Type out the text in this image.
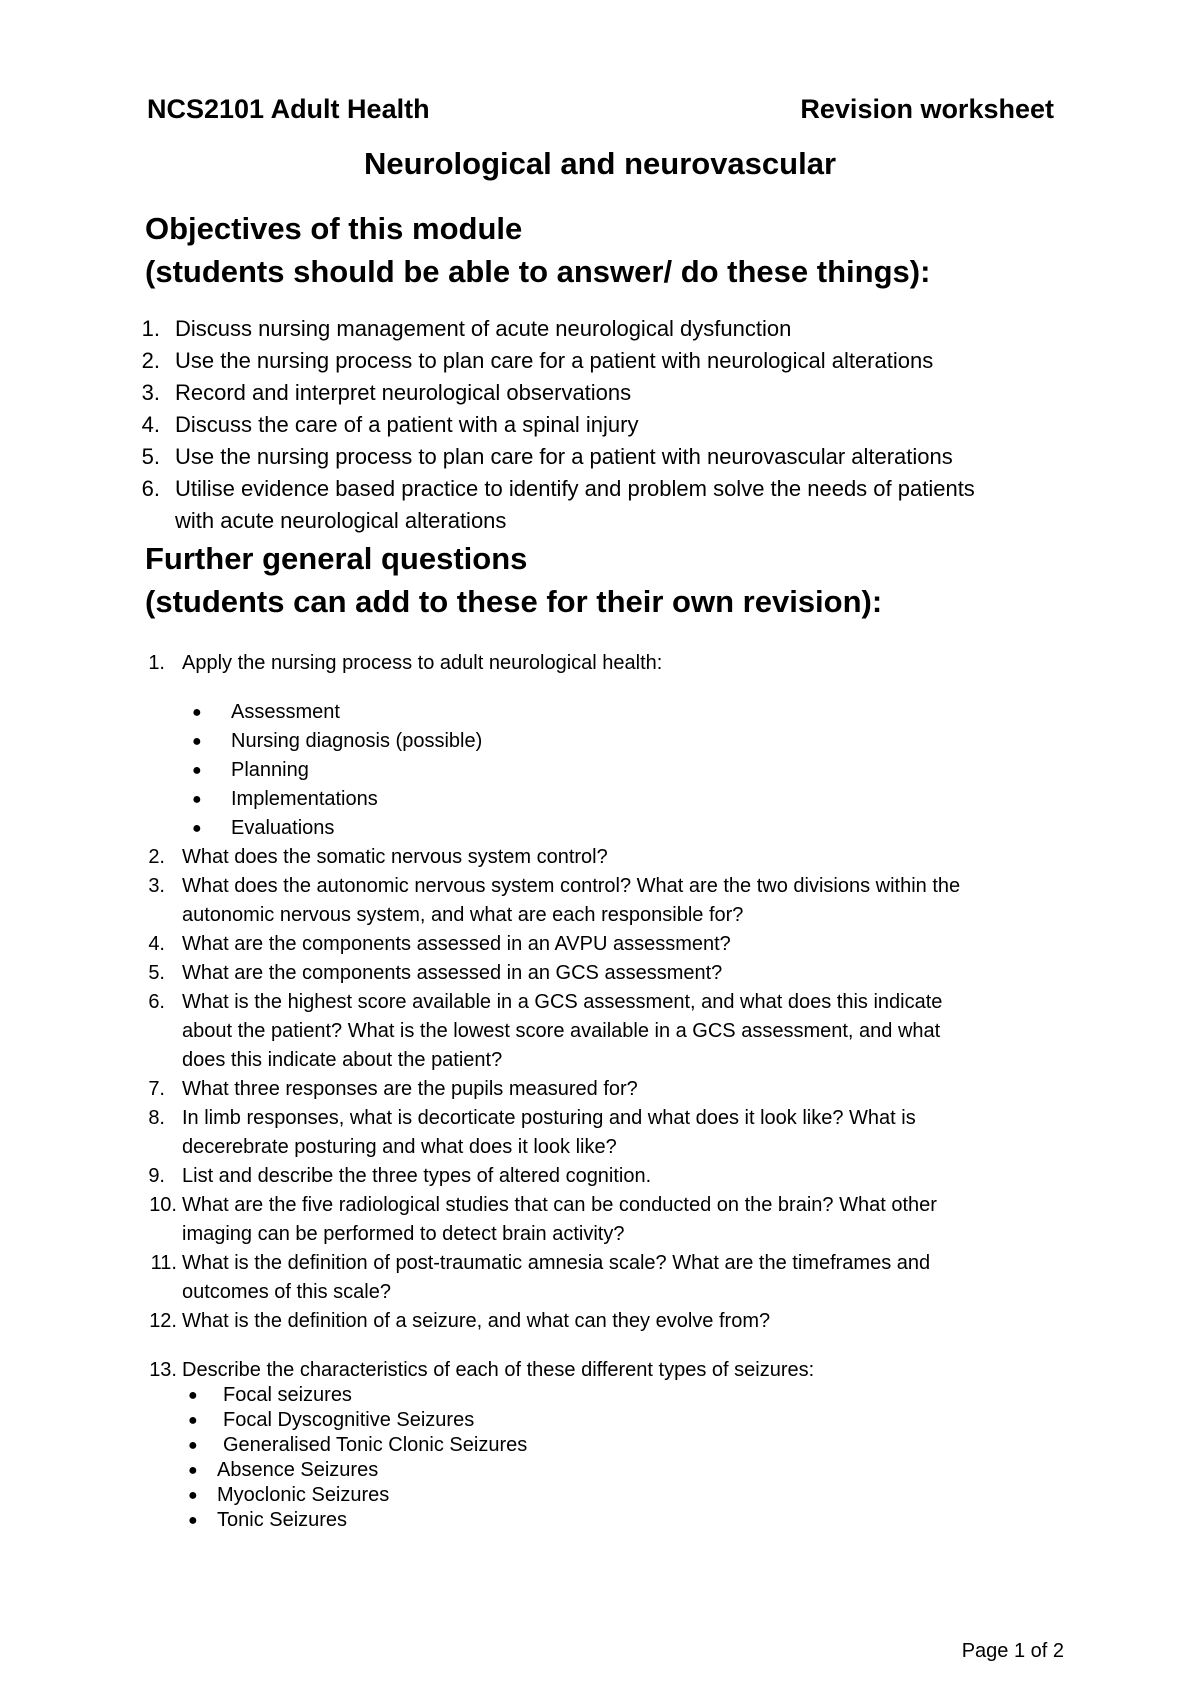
NCS2101 Adult Health	Revision worksheet
Neurological and neurovascular
Objectives of this module
(students should be able to answer/ do these things):
1. Discuss nursing management of acute neurological dysfunction
2. Use the nursing process to plan care for a patient with neurological alterations
3. Record and interpret neurological observations
4. Discuss the care of a patient with a spinal injury
5. Use the nursing process to plan care for a patient with neurovascular alterations
6. Utilise evidence based practice to identify and problem solve the needs of patients
with acute neurological alterations
Further general questions
(students can add to these for their own revision):
1. Apply the nursing process to adult neurological health:
● Assessment
● Nursing diagnosis (possible)
● Planning
● Implementations
● Evaluations
2. What does the somatic nervous system control?
3. What does the autonomic nervous system control? What are the two divisions within the
autonomic nervous system, and what are each responsible for?
4. What are the components assessed in an AVPU assessment?
5. What are the components assessed in an GCS assessment?
6. What is the highest score available in a GCS assessment, and what does this indicate
about the patient? What is the lowest score available in a GCS assessment, and what
does this indicate about the patient?
7. What three responses are the pupils measured for?
8. In limb responses, what is decorticate posturing and what does it look like? What is
decerebrate posturing and what does it look like?
9. List and describe the three types of altered cognition.
10. What are the five radiological studies that can be conducted on the brain? What other
imaging can be performed to detect brain activity?
11. What is the definition of post-traumatic amnesia scale? What are the timeframes and
outcomes of this scale?
12. What is the definition of a seizure, and what can they evolve from?
13. Describe the characteristics of each of these different types of seizures:
● Focal seizures
● Focal Dyscognitive Seizures
● Generalised Tonic Clonic Seizures
● Absence Seizures
● Myoclonic Seizures
● Tonic Seizures
Page 1 of 2
